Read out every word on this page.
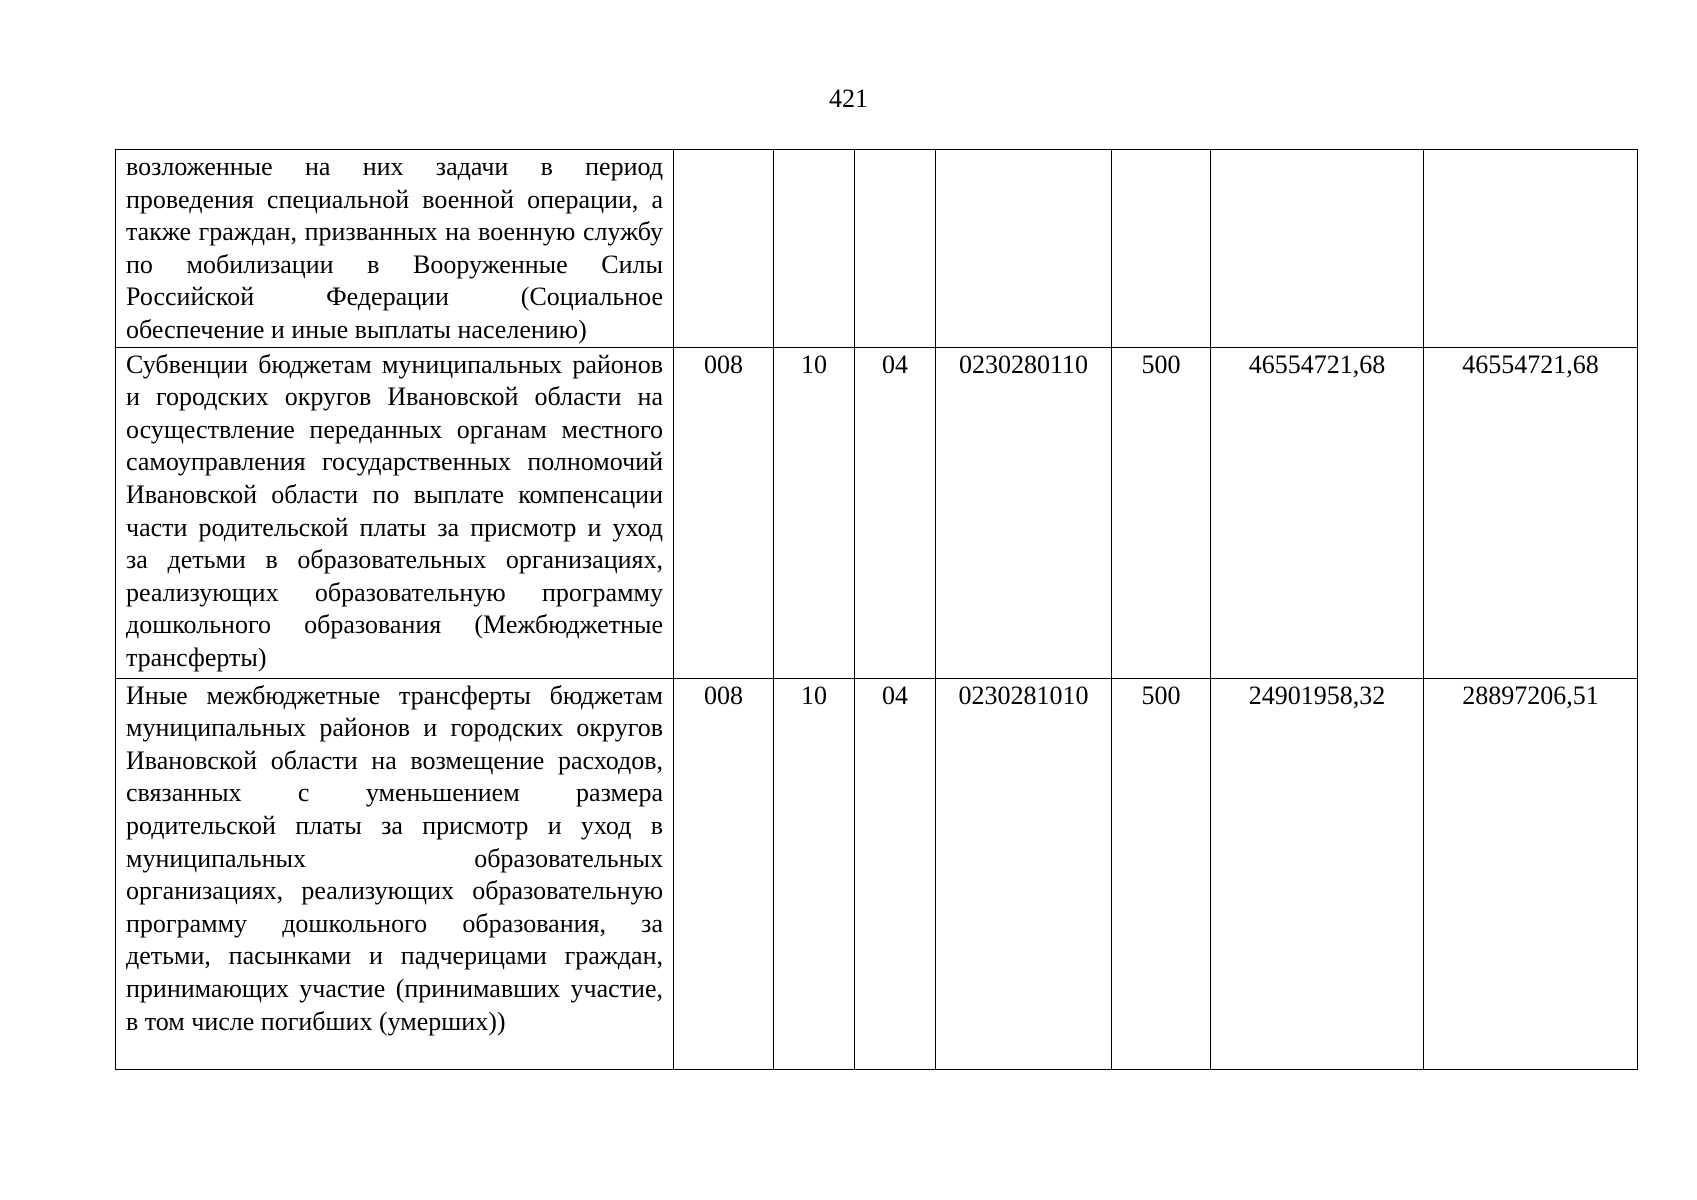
421
возложенные на них задачи в период проведения специальной военной операции, а также граждан, призванных на военную службу по мобилизации в Вооруженные Силы Российской Федерации (Социальное обеспечение и иные выплаты населению)							
Субвенции бюджетам муниципальных районов и городских округов Ивановской области на осуществление переданных органам местного самоуправления государственных полномочий Ивановской области по выплате компенсации части родительской платы за присмотр и уход за детьми в образовательных организациях, реализующих образовательную программу дошкольного образования (Межбюджетные трансферты)	008	10	04	0230280110	500	46554721,68	46554721,68
Иные межбюджетные трансферты бюджетам муниципальных районов и городских округов Ивановской области на возмещение расходов, связанных с уменьшением размера родительской платы за присмотр и уход в муниципальных образовательных организациях, реализующих образовательную программу дошкольного образования, за детьми, пасынками и падчерицами граждан, принимающих участие (принимавших участие, в том числе погибших (умерших))	008	10	04	0230281010	500	24901958,32	28897206,51
